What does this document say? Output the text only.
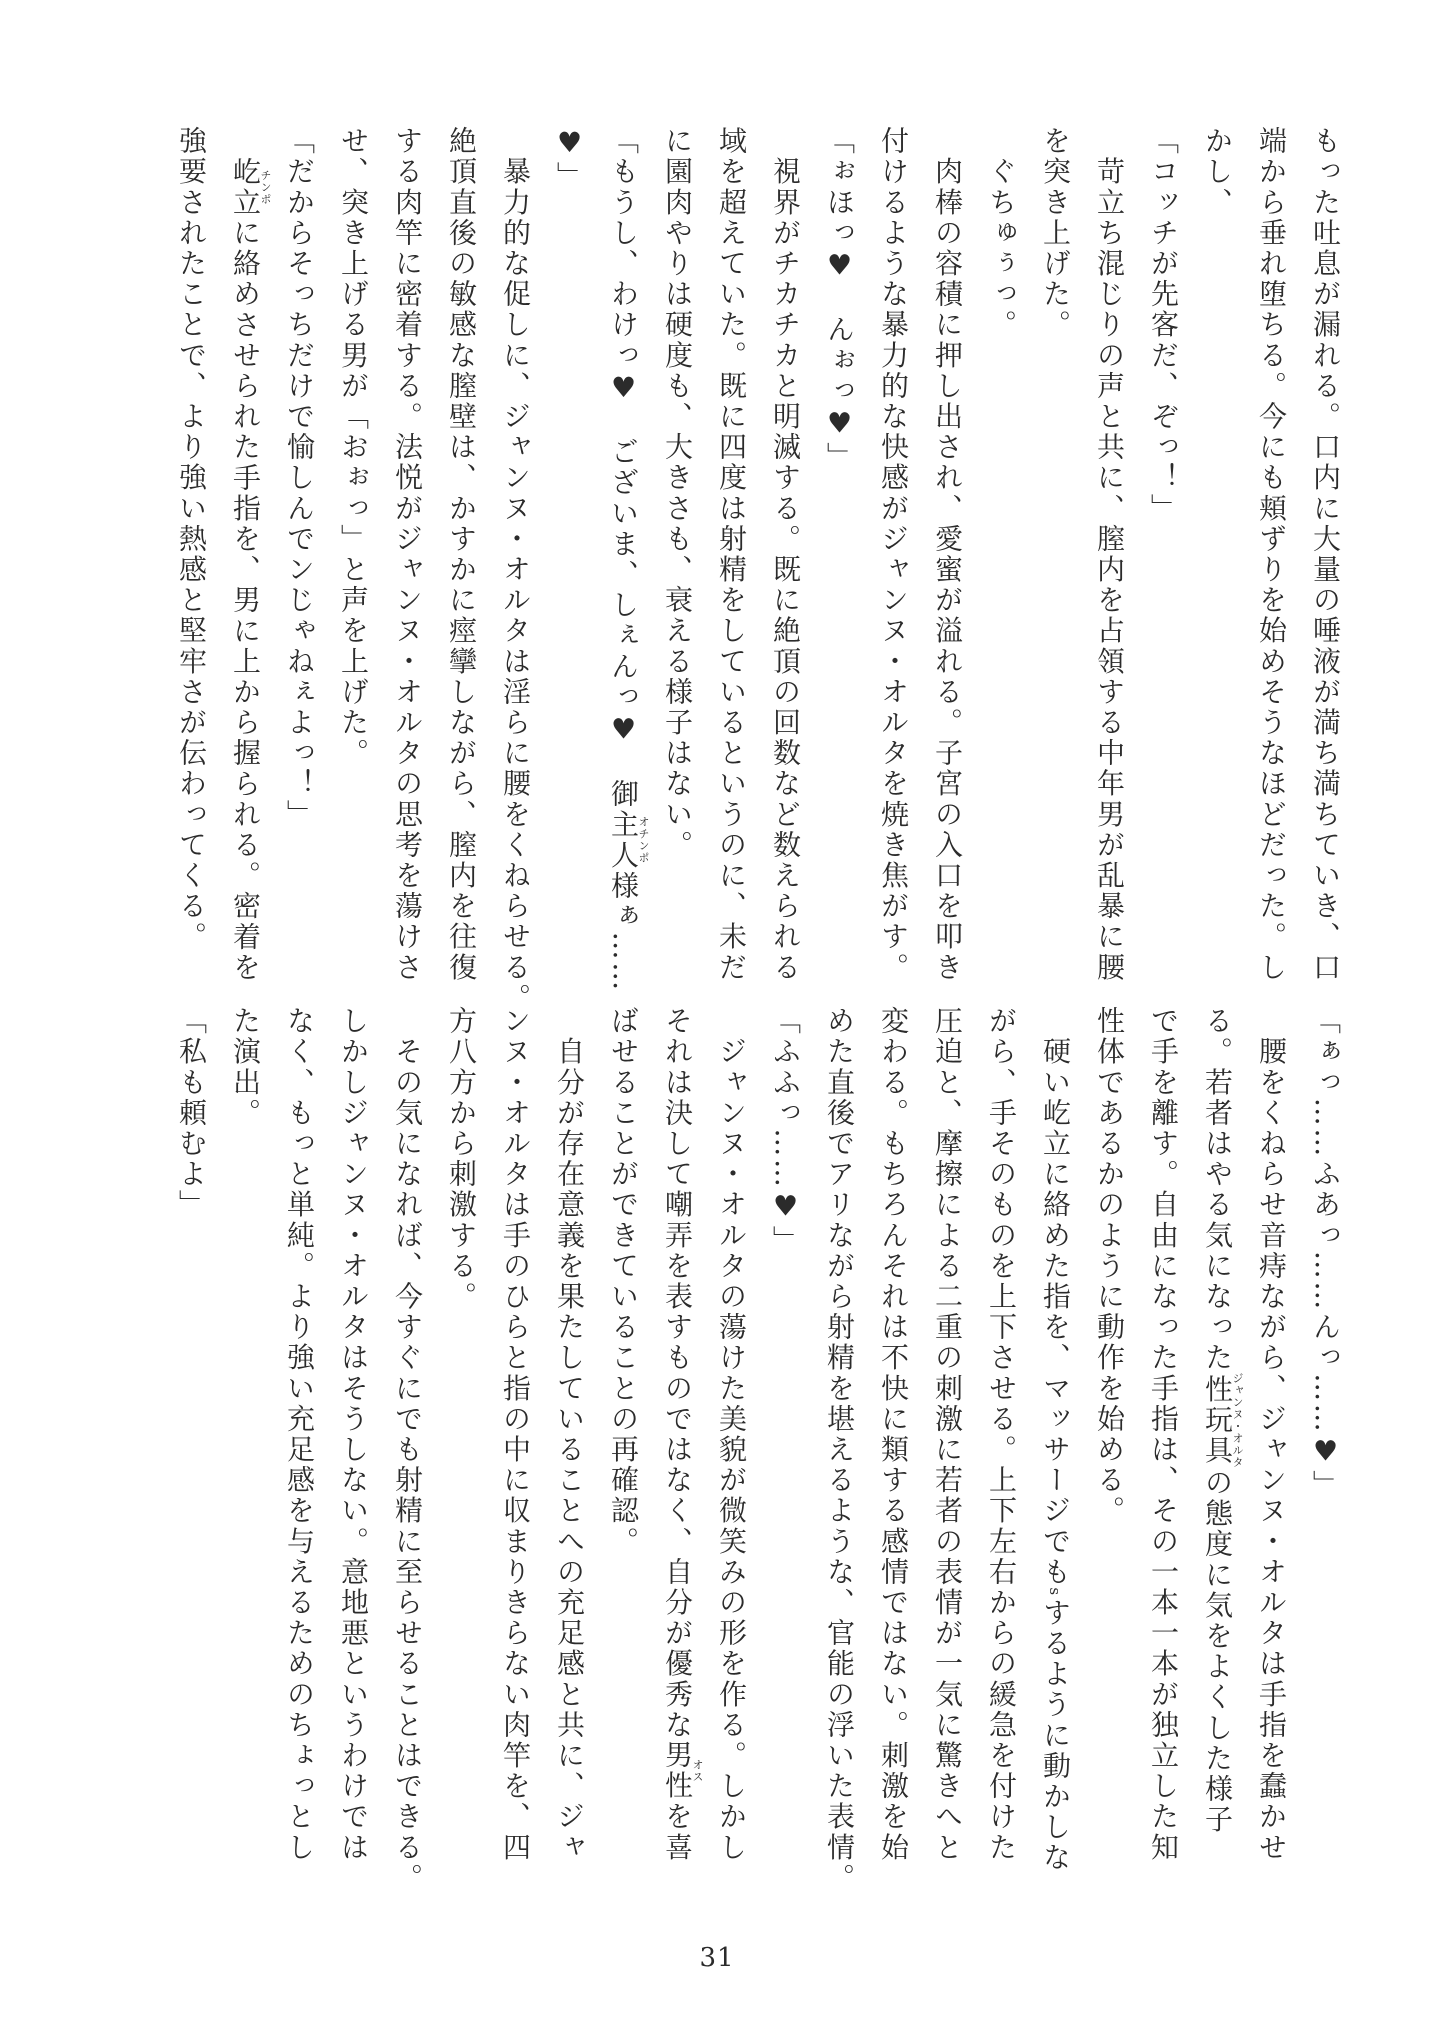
もった吐息が漏れる。口内に大量の唾液が満ち満ちていき、口
端から垂れ堕ちる。今にも頬ずりを始めそうなほどだった。し
かし、
「コッチが先客だ、ぞっ！」
　苛立ち混じりの声と共に、膣内を占領する中年男が乱暴に腰
を突き上げた。
　ぐちゅぅっ。
　肉棒の容積に押し出され、愛蜜が溢れる。子宮の入口を叩き
付けるような暴力的な快感がジャンヌ・オルタを焼き焦がす。
「ぉほっ♥　んぉっ♥」
　視界がチカチカと明滅する。既に絶頂の回数など数えられる
域を超えていた。既に四度は射精をしているというのに、未だ
に園肉やりは硬度も、大きさも、衰える様子はない。
「もうし、わけっ♥　ございま、しぇんっ♥　御主人様オチンポぁ……
♥」
　暴力的な促しに、ジャンヌ・オルタは淫らに腰をくねらせる。
絶頂直後の敏感な膣壁は、かすかに痙攣しながら、膣内を往復
する肉竿に密着する。法悦がジャンヌ・オルタの思考を蕩けさ
せ、突き上げる男が「おぉっ」と声を上げた。
「だからそっちだけで愉しんでンじゃねぇよっ！」
　屹立チンポに絡めさせられた手指を、男に上から握られる。密着を
強要されたことで、より強い熱感と堅牢さが伝わってくる。
「ぁっ……ふあっ……んっ……♥」
　腰をくねらせ音痔ながら、ジャンヌ・オルタは手指を蠢かせ
る。若者はやる気になった性玩具ジャンヌ・オルタの態度に気をよくした様子
で手を離す。自由になった手指は、その一本一本が独立した知
性体であるかのように動作を始める。
　硬い屹立に絡めた指を、マッサージでもsするように動かしな
がら、手そのものを上下させる。上下左右からの緩急を付けた
圧迫と、摩擦による二重の刺激に若者の表情が一気に驚きへと
変わる。もちろんそれは不快に類する感情ではない。刺激を始
めた直後でアリながら射精を堪えるような、官能の浮いた表情。
「ふふっ……♥」
　ジャンヌ・オルタの蕩けた美貌が微笑みの形を作る。しかし
それは決して嘲弄を表すものではなく、自分が優秀な男性オスを喜
ばせることができていることの再確認。
　自分が存在意義を果たしていることへの充足感と共に、ジャ
ンヌ・オルタは手のひらと指の中に収まりきらない肉竿を、四
方八方から刺激する。
　その気になれば、今すぐにでも射精に至らせることはできる。
しかしジャンヌ・オルタはそうしない。意地悪というわけでは
なく、もっと単純。より強い充足感を与えるためのちょっとし
た演出。
「私も頼むよ」
31
